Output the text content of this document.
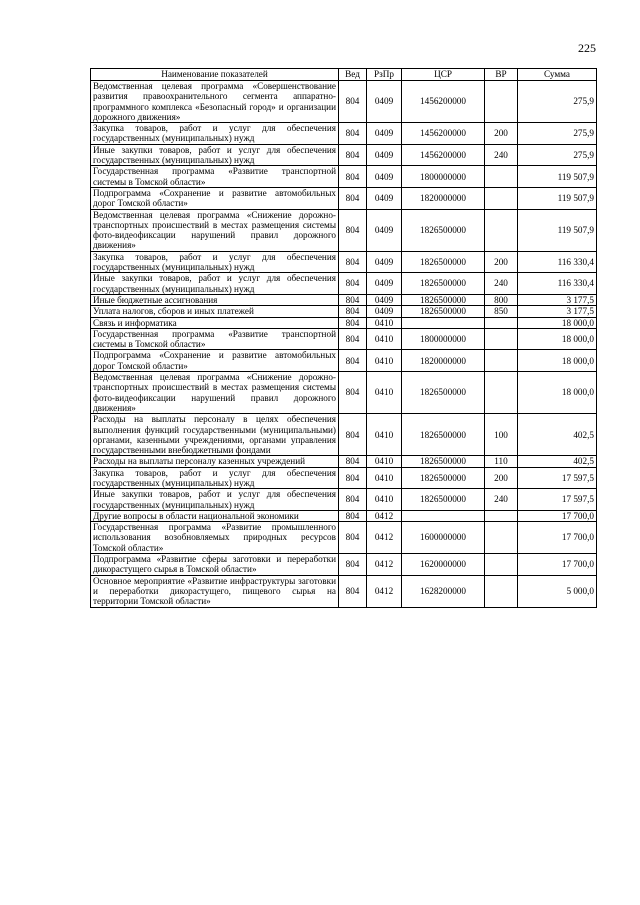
225
Наименование показателей	Вед	РзПр	ЦСР	ВР	Сумма
Ведомственная целевая программа «Совершенствование развития правоохранительного сегмента аппаратно-программного комплекса «Безопасный город» и организации дорожного движения»	804	0409	1456200000		275,9
Закупка товаров, работ и услуг для обеспечения государственных (муниципальных) нужд	804	0409	1456200000	200	275,9
Иные закупки товаров, работ и услуг для обеспечения государственных (муниципальных) нужд	804	0409	1456200000	240	275,9
Государственная программа «Развитие транспортной системы в Томской области»	804	0409	1800000000		119 507,9
Подпрограмма «Сохранение и развитие автомобильных дорог Томской области»	804	0409	1820000000		119 507,9
Ведомственная целевая программа «Снижение дорожно-транспортных происшествий в местах размещения системы фото-видеофиксации нарушений правил дорожного движения»	804	0409	1826500000		119 507,9
Закупка товаров, работ и услуг для обеспечения государственных (муниципальных) нужд	804	0409	1826500000	200	116 330,4
Иные закупки товаров, работ и услуг для обеспечения государственных (муниципальных) нужд	804	0409	1826500000	240	116 330,4
Иные бюджетные ассигнования	804	0409	1826500000	800	3 177,5
Уплата налогов, сборов и иных платежей	804	0409	1826500000	850	3 177,5
Связь и информатика	804	0410			18 000,0
Государственная программа «Развитие транспортной системы в Томской области»	804	0410	1800000000		18 000,0
Подпрограмма «Сохранение и развитие автомобильных дорог Томской области»	804	0410	1820000000		18 000,0
Ведомственная целевая программа «Снижение дорожно-транспортных происшествий в местах размещения системы фото-видеофиксации нарушений правил дорожного движения»	804	0410	1826500000		18 000,0
Расходы на выплаты персоналу в целях обеспечения выполнения функций государственными (муниципальными) органами, казенными учреждениями, органами управления государственными внебюджетными фондами	804	0410	1826500000	100	402,5
Расходы на выплаты персоналу казенных учреждений	804	0410	1826500000	110	402,5
Закупка товаров, работ и услуг для обеспечения государственных (муниципальных) нужд	804	0410	1826500000	200	17 597,5
Иные закупки товаров, работ и услуг для обеспечения государственных (муниципальных) нужд	804	0410	1826500000	240	17 597,5
Другие вопросы в области национальной экономики	804	0412			17 700,0
Государственная программа «Развитие промышленного использования возобновляемых природных ресурсов Томской области»	804	0412	1600000000		17 700,0
Подпрограмма «Развитие сферы заготовки и переработки дикорастущего сырья в Томской области»	804	0412	1620000000		17 700,0
Основное мероприятие «Развитие инфраструктуры заготовки и переработки дикорастущего, пищевого сырья на территории Томской области»	804	0412	1628200000		5 000,0
